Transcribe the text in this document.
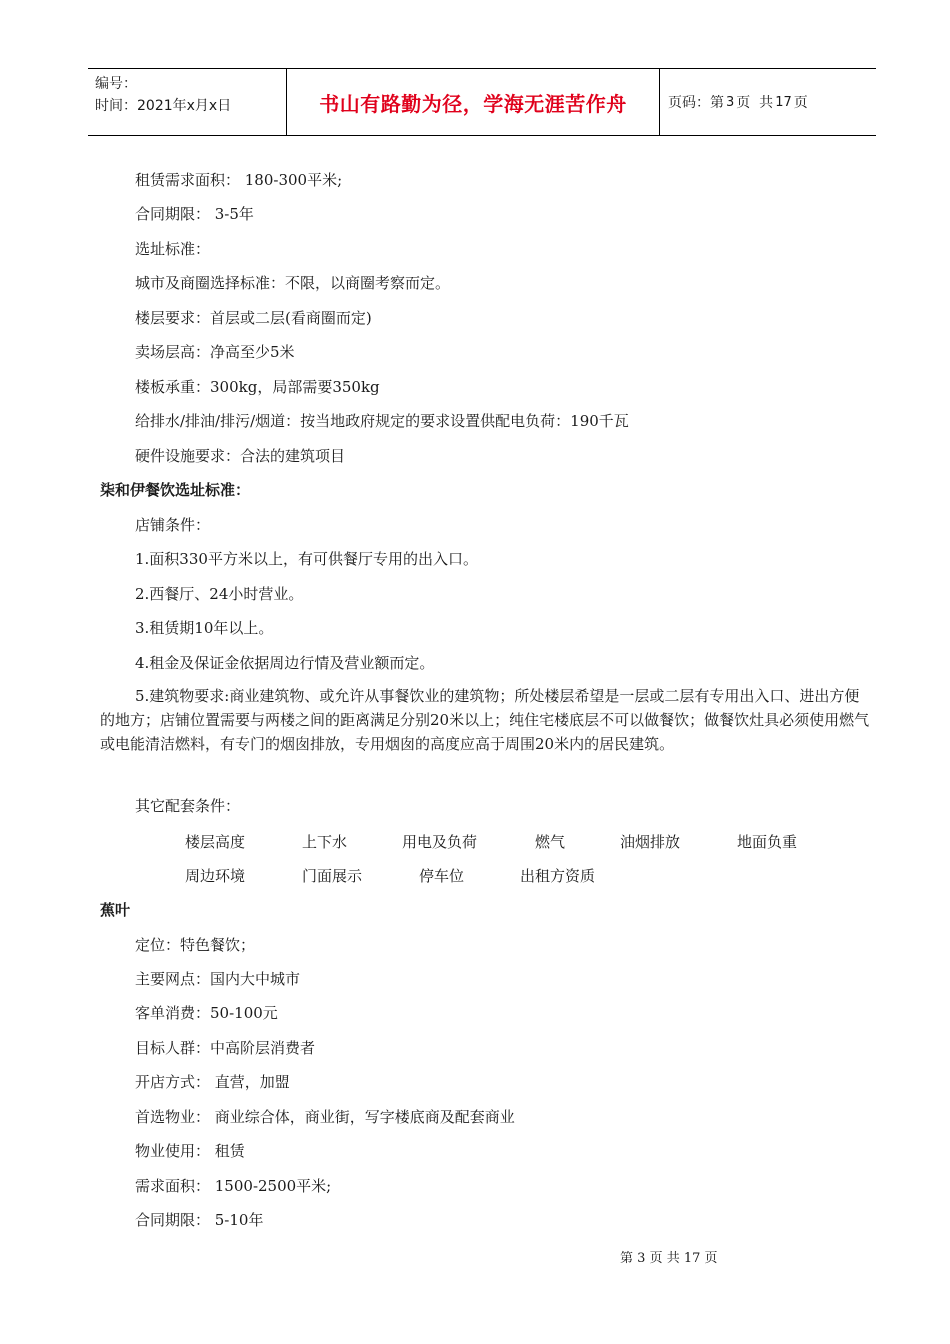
编号：
时间：2021年x月x日	书山有路勤为径，学海无涯苦作舟	页码：第 3 页  共 17 页
租赁需求面积： 180-300平米;
合同期限： 3-5年
选址标准：
城市及商圈选择标准：不限，以商圈考察而定。
楼层要求：首层或二层(看商圈而定)
卖场层高：净高至少5米
楼板承重：300kg，局部需要350kg
给排水/排油/排污/烟道：按当地政府规定的要求设置供配电负荷：190千瓦
硬件设施要求：合法的建筑项目
柒和伊餐饮选址标准：
店铺条件：
1.面积330平方米以上，有可供餐厅专用的出入口。
2.西餐厅、24小时营业。
3.租赁期10年以上。
4.租金及保证金依据周边行情及营业额而定。
5.建筑物要求:商业建筑物、或允许从事餐饮业的建筑物；所处楼层希望是一层或二层有专用出入口、进出方便的地方；店铺位置需要与两楼之间的距离满足分别20米以上；纯住宅楼底层不可以做餐饮；做餐饮灶具必须使用燃气或电能清洁燃料，有专门的烟囱排放，专用烟囱的高度应高于周围20米内的居民建筑。
其它配套条件：
楼层高度	上下水	用电及负荷	燃气	油烟排放	地面负重
周边环境	门面展示	停车位	出租方资质
蕉叶
定位：特色餐饮；
主要网点：国内大中城市
客单消费：50-100元
目标人群：中高阶层消费者
开店方式： 直营，加盟
首选物业： 商业综合体，商业街，写字楼底商及配套商业
物业使用： 租赁
需求面积： 1500-2500平米;
合同期限： 5-10年
第 3 页 共 17 页
